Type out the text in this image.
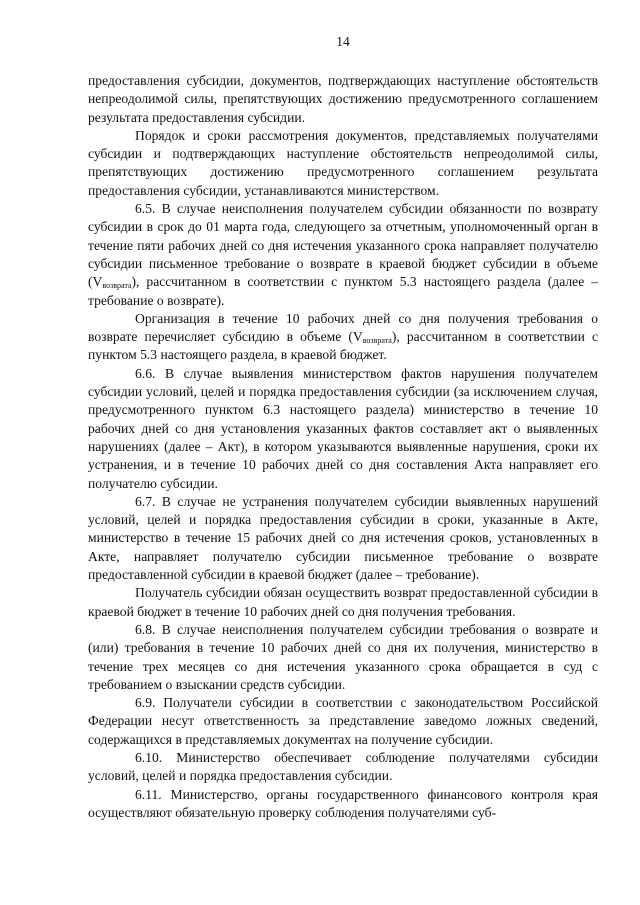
14

предоставления субсидии, документов, подтверждающих наступление обстоятельств непреодолимой силы, препятствующих достижению предусмотренного соглашением результата предоставления субсидии.

Порядок и сроки рассмотрения документов, представляемых получателями субсидии и подтверждающих наступление обстоятельств непреодолимой силы, препятствующих достижению предусмотренного соглашением результата предоставления субсидии, устанавливаются министерством.

6.5. В случае неисполнения получателем субсидии обязанности по возврату субсидии в срок до 01 марта года, следующего за отчетным, уполномоченный орган в течение пяти рабочих дней со дня истечения указанного срока направляет получателю субсидии письменное требование о возврате в краевой бюджет субсидии в объеме $(V_{возврата})$, рассчитанном в соответствии с пунктом 5.3 настоящего раздела (далее – требование о возврате).

Организация в течение 10 рабочих дней со дня получения требования о возврате перечисляет субсидию в объеме $(V_{возврата})$, рассчитанном в соответствии с пунктом 5.3 настоящего раздела, в краевой бюджет.

6.6. В случае выявления министерством фактов нарушения получателем субсидии условий, целей и порядка предоставления субсидии (за исключением случая, предусмотренного пунктом 6.3 настоящего раздела) министерство в течение 10 рабочих дней со дня установления указанных фактов составляет акт о выявленных нарушениях (далее – Акт), в котором указываются выявленные нарушения, сроки их устранения, и в течение 10 рабочих дней со дня составления Акта направляет его получателю субсидии.

6.7. В случае не устранения получателем субсидии выявленных нарушений условий, целей и порядка предоставления субсидии в сроки, указанные в Акте, министерство в течение 15 рабочих дней со дня истечения сроков, установленных в Акте, направляет получателю субсидии письменное требование о возврате предоставленной субсидии в краевой бюджет (далее – требование).

Получатель субсидии обязан осуществить возврат предоставленной субсидии в краевой бюджет в течение 10 рабочих дней со дня получения требования.

6.8. В случае неисполнения получателем субсидии требования о возврате и (или) требования в течение 10 рабочих дней со дня их получения, министерство в течение трех месяцев со дня истечения указанного срока обращается в суд с требованием о взыскании средств субсидии.

6.9. Получатели субсидии в соответствии с законодательством Российской Федерации несут ответственность за представление заведомо ложных сведений, содержащихся в представляемых документах на получение субсидии.

6.10. Министерство обеспечивает соблюдение получателями субсидии условий, целей и порядка предоставления субсидии.

6.11. Министерство, органы государственного финансового контроля края осуществляют обязательную проверку соблюдения получателями суб-
